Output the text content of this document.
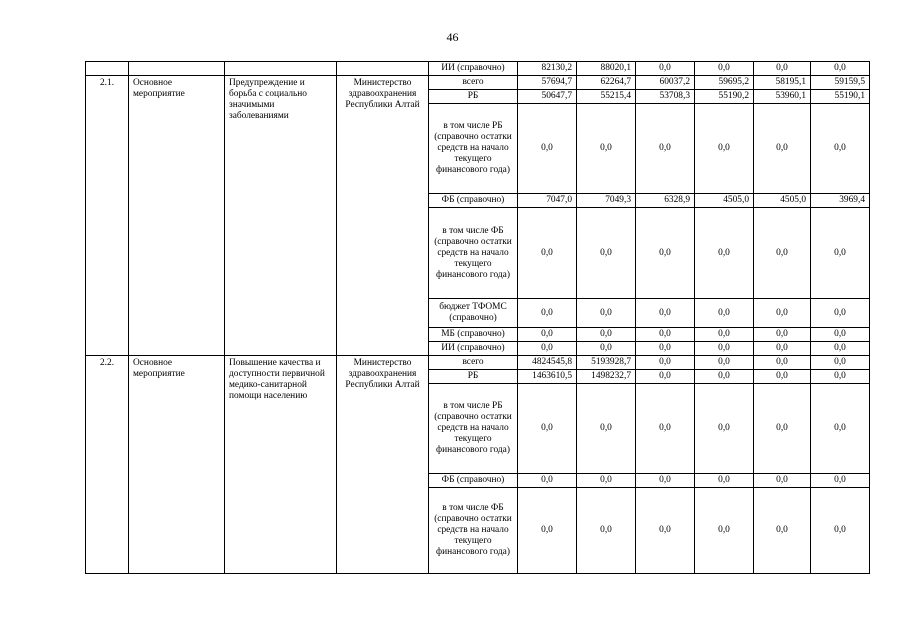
46
				ИИ (справочно)	82130,2	88020,1	0,0	0,0	0,0	0,0
2.1.	Основное мероприятие	Предупреждение и борьба с социально значимыми заболеваниями	Министерство здравоохранения Республики Алтай	всего	57694,7	62264,7	60037,2	59695,2	58195,1	59159,5
				РБ	50647,7	55215,4	53708,3	55190,2	53960,1	55190,1
				в том числе РБ (справочно остатки средств на начало текущего финансового года)	0,0	0,0	0,0	0,0	0,0	0,0
				ФБ (справочно)	7047,0	7049,3	6328,9	4505,0	4505,0	3969,4
				в том числе ФБ (справочно остатки средств на начало текущего финансового года)	0,0	0,0	0,0	0,0	0,0	0,0
				бюджет ТФОМС (справочно)	0,0	0,0	0,0	0,0	0,0	0,0
				МБ (справочно)	0,0	0,0	0,0	0,0	0,0	0,0
				ИИ (справочно)	0,0	0,0	0,0	0,0	0,0	0,0
2.2.	Основное мероприятие	Повышение качества и доступности первичной медико-санитарной помощи населению	Министерство здравоохранения Республики Алтай	всего	4824545,8	5193928,7	0,0	0,0	0,0	0,0
				РБ	1463610,5	1498232,7	0,0	0,0	0,0	0,0
				в том числе РБ (справочно остатки средств на начало текущего финансового года)	0,0	0,0	0,0	0,0	0,0	0,0
				ФБ (справочно)	0,0	0,0	0,0	0,0	0,0	0,0
				в том числе ФБ (справочно остатки средств на начало текущего финансового года)	0,0	0,0	0,0	0,0	0,0	0,0
